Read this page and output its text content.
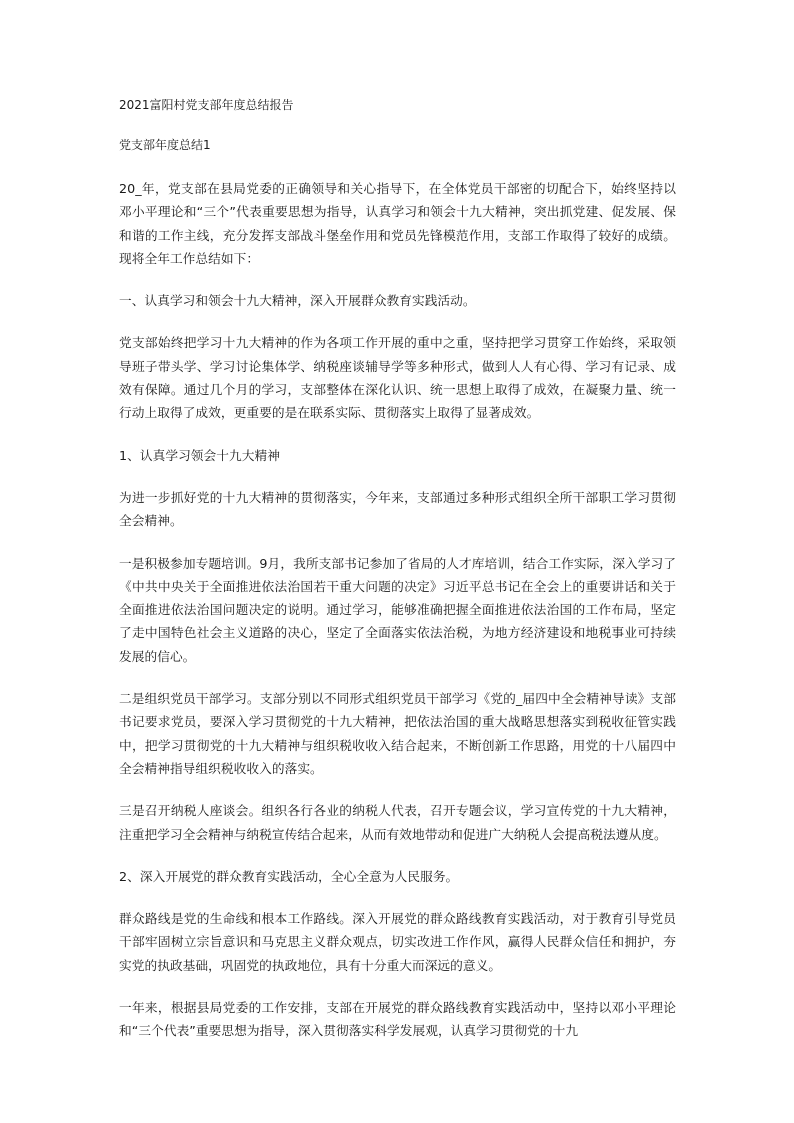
2021富阳村党支部年度总结报告
党支部年度总结1

20_年，党支部在县局党委的正确领导和关心指导下，在全体党员干部密的切配合下，始终坚持以邓小平理论和“三个”代表重要思想为指导，认真学习和领会十九大精神，突出抓党建、促发展、保和谐的工作主线，充分发挥支部战斗堡垒作用和党员先锋模范作用，支部工作取得了较好的成绩。现将全年工作总结如下：

一、认真学习和领会十九大精神，深入开展群众教育实践活动。

党支部始终把学习十九大精神的作为各项工作开展的重中之重，坚持把学习贯穿工作始终，采取领导班子带头学、学习讨论集体学、纳税座谈辅导学等多种形式，做到人人有心得、学习有记录、成效有保障。通过几个月的学习，支部整体在深化认识、统一思想上取得了成效，在凝聚力量、统一行动上取得了成效，更重要的是在联系实际、贯彻落实上取得了显著成效。

1、认真学习领会十九大精神

为进一步抓好党的十九大精神的贯彻落实，今年来，支部通过多种形式组织全所干部职工学习贯彻全会精神。

一是积极参加专题培训。9月，我所支部书记参加了省局的人才库培训，结合工作实际，深入学习了《中共中央关于全面推进依法治国若干重大问题的决定》习近平总书记在全会上的重要讲话和关于全面推进依法治国问题决定的说明。通过学习，能够准确把握全面推进依法治国的工作布局，坚定了走中国特色社会主义道路的决心，坚定了全面落实依法治税，为地方经济建设和地税事业可持续发展的信心。

二是组织党员干部学习。支部分别以不同形式组织党员干部学习《党的_届四中全会精神导读》支部书记要求党员，要深入学习贯彻党的十九大精神，把依法治国的重大战略思想落实到税收征管实践中，把学习贯彻党的十九大精神与组织税收收入结合起来，不断创新工作思路，用党的十八届四中全会精神指导组织税收收入的落实。

三是召开纳税人座谈会。组织各行各业的纳税人代表，召开专题会议，学习宣传党的十九大精神，注重把学习全会精神与纳税宣传结合起来，从而有效地带动和促进广大纳税人会提高税法遵从度。

2、深入开展党的群众教育实践活动，全心全意为人民服务。

群众路线是党的生命线和根本工作路线。深入开展党的群众路线教育实践活动，对于教育引导党员干部牢固树立宗旨意识和马克思主义群众观点，切实改进工作作风，赢得人民群众信任和拥护，夯实党的执政基础，巩固党的执政地位，具有十分重大而深远的意义。

一年来，根据县局党委的工作安排，支部在开展党的群众路线教育实践活动中，坚持以邓小平理论和“三个代表”重要思想为指导，深入贯彻落实科学发展观，认真学习贯彻党的十九
